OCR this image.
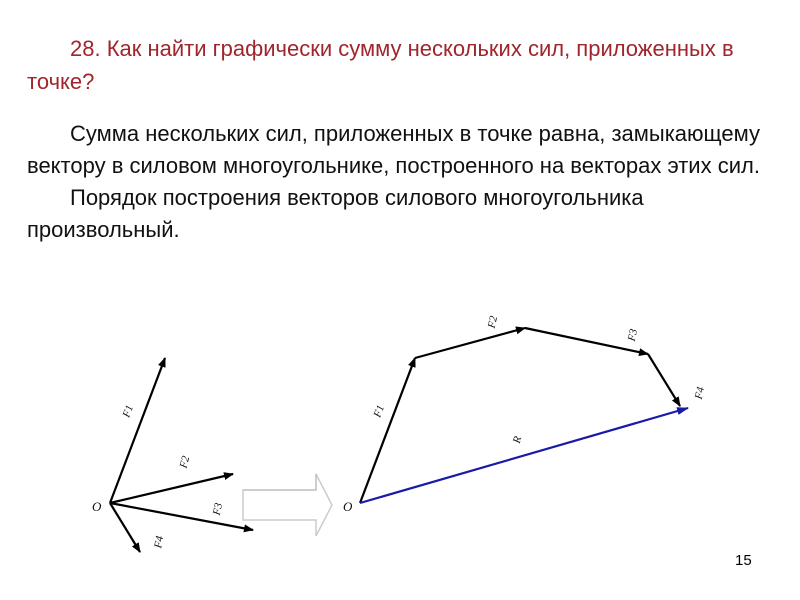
28. Как найти графически сумму нескольких сил, приложенных в точке?

Сумма нескольких сил, приложенных в точке равна, замыкающему вектору в силовом многоугольнике, построенного на векторах этих сил.

Порядок построения векторов силового многоугольника произвольный.

O
F1
F2
F3
F4
O
F1
F2
F3
F4
R
15
